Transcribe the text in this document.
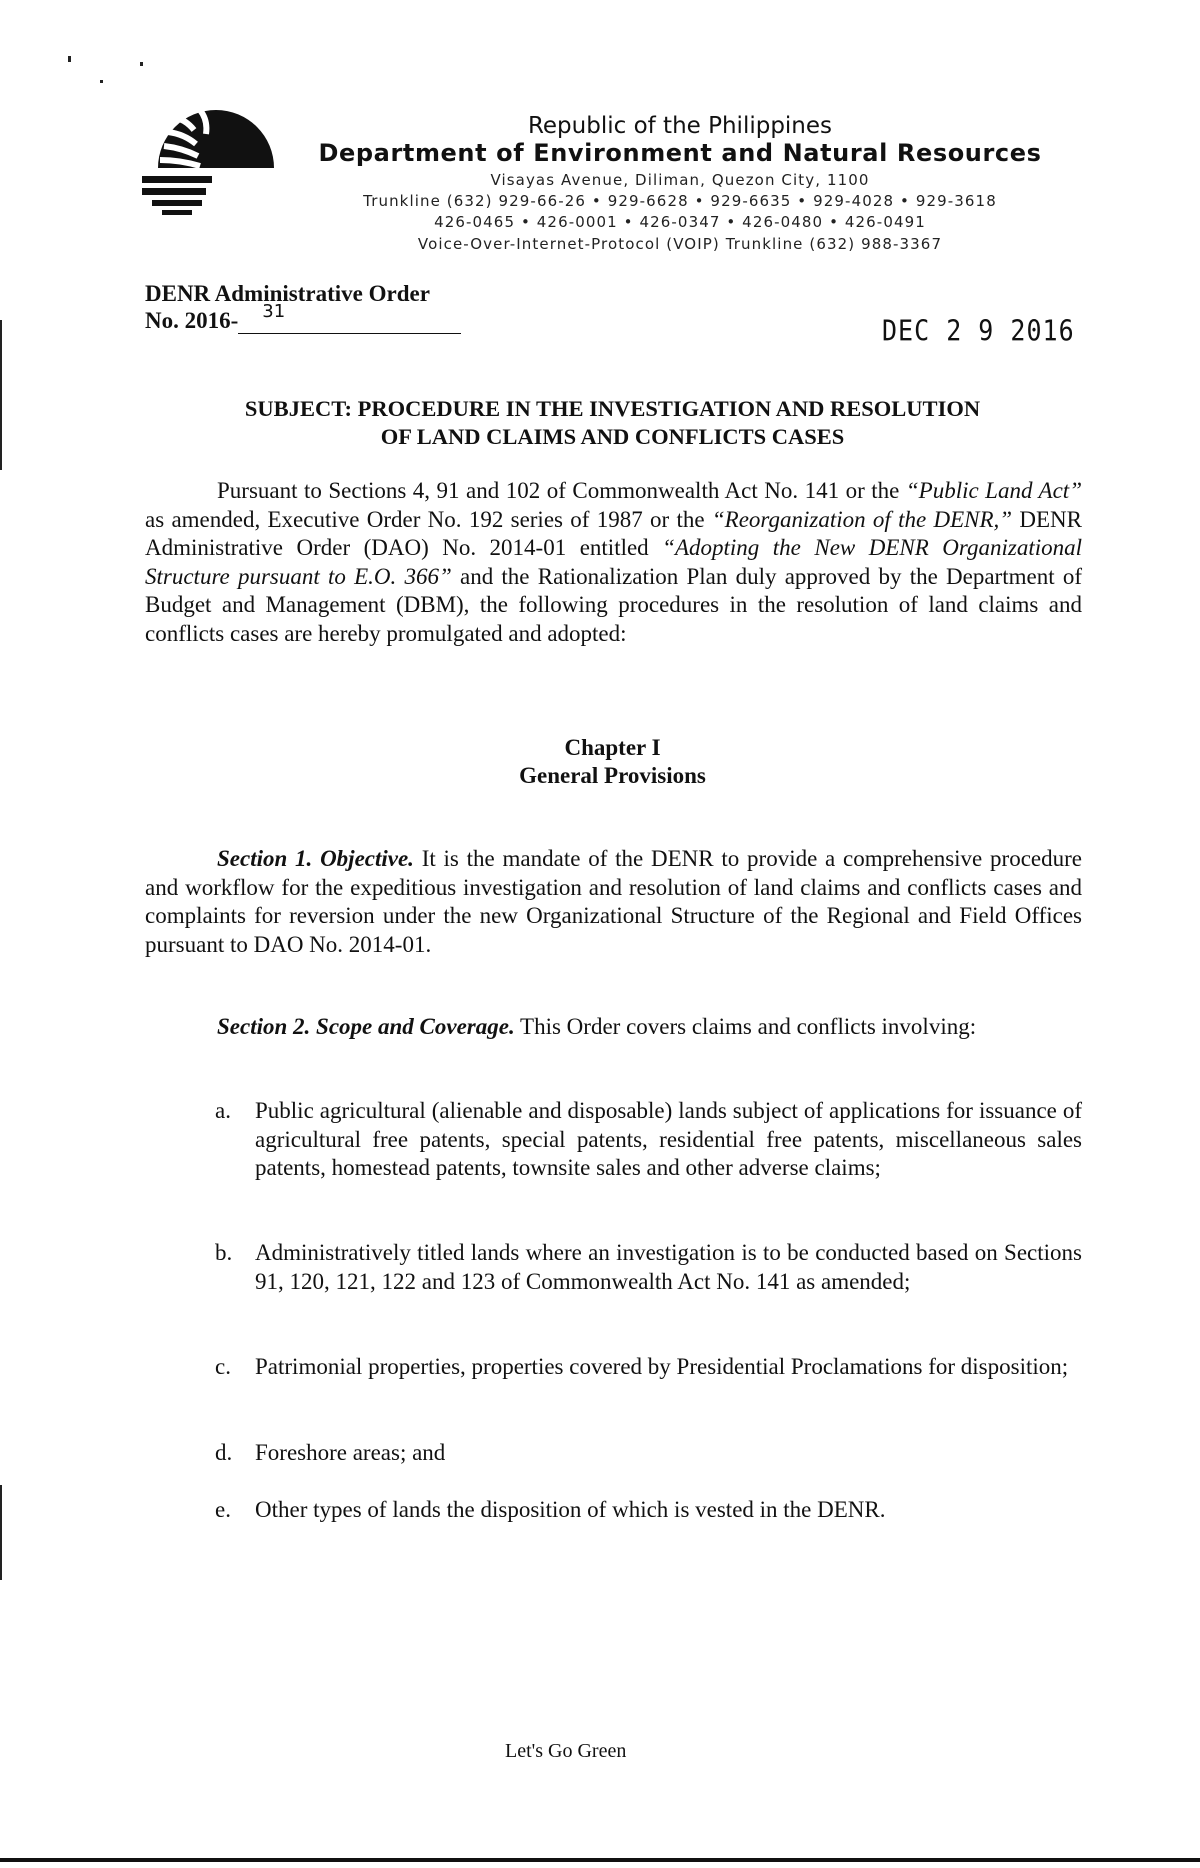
Republic of the Philippines
Department of Environment and Natural Resources
Visayas Avenue, Diliman, Quezon City, 1100
Trunkline (632) 929-66-26 • 929-6628 • 929-6635 • 929-4028 • 929-3618
426-0465 • 426-0001 • 426-0347 • 426-0480 • 426-0491
Voice-Over-Internet-Protocol (VOIP) Trunkline (632) 988-3367
DENR Administrative Order
No. 2016- 31
DEC 2 9 2016
SUBJECT: PROCEDURE IN THE INVESTIGATION AND RESOLUTION
OF LAND CLAIMS AND CONFLICTS CASES

Pursuant to Sections 4, 91 and 102 of Commonwealth Act No. 141 or the “Public Land Act” as amended, Executive Order No. 192 series of 1987 or the “Reorganization of the DENR,” DENR Administrative Order (DAO) No. 2014-01 entitled “Adopting the New DENR Organizational Structure pursuant to E.O. 366” and the Rationalization Plan duly approved by the Department of Budget and Management (DBM), the following procedures in the resolution of land claims and conflicts cases are hereby promulgated and adopted:

Chapter I
General Provisions

Section 1. Objective. It is the mandate of the DENR to provide a comprehensive procedure and workflow for the expeditious investigation and resolution of land claims and conflicts cases and complaints for reversion under the new Organizational Structure of the Regional and Field Offices pursuant to DAO No. 2014-01.

Section 2. Scope and Coverage. This Order covers claims and conflicts involving:

a. Public agricultural (alienable and disposable) lands subject of applications for issuance of agricultural free patents, special patents, residential free patents, miscellaneous sales patents, homestead patents, townsite sales and other adverse claims;
b. Administratively titled lands where an investigation is to be conducted based on Sections 91, 120, 121, 122 and 123 of Commonwealth Act No. 141 as amended;
c. Patrimonial properties, properties covered by Presidential Proclamations for disposition;
d. Foreshore areas; and
e. Other types of lands the disposition of which is vested in the DENR.
Let's Go Green
